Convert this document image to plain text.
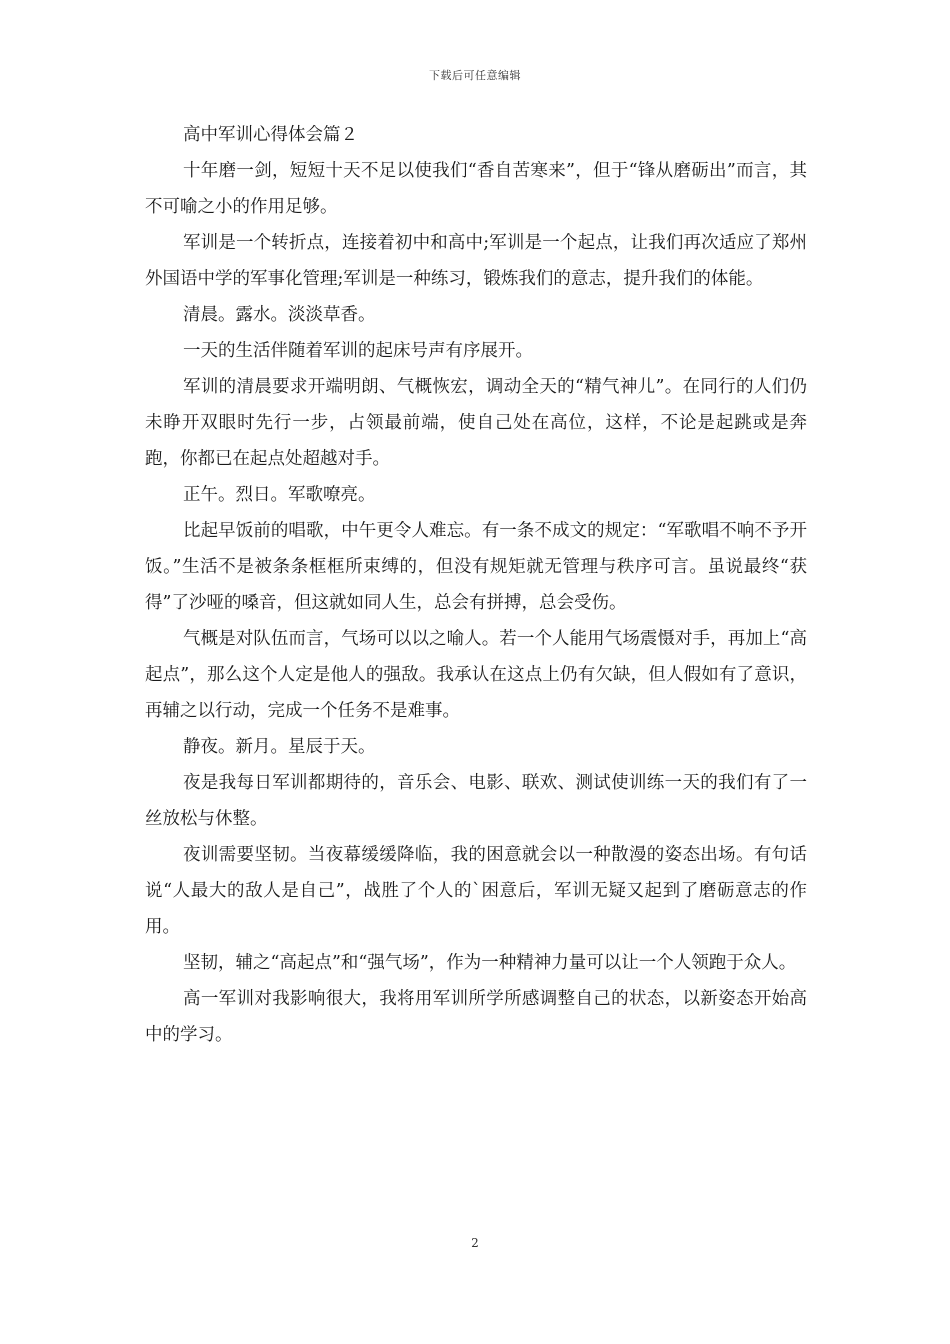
下载后可任意编辑
高中军训心得体会篇２

十年磨一剑，短短十天不足以使我们“香自苦寒来”，但于“锋从磨砺出”而言，其不可喻之小的作用足够。

军训是一个转折点，连接着初中和高中;军训是一个起点，让我们再次适应了郑州外国语中学的军事化管理;军训是一种练习，锻炼我们的意志，提升我们的体能。

清晨。露水。淡淡草香。

一天的生活伴随着军训的起床号声有序展开。

军训的清晨要求开端明朗、气概恢宏，调动全天的“精气神儿”。在同行的人们仍未睁开双眼时先行一步，占领最前端，使自己处在高位，这样，不论是起跳或是奔跑，你都已在起点处超越对手。

正午。烈日。军歌嘹亮。

比起早饭前的唱歌，中午更令人难忘。有一条不成文的规定：“军歌唱不响不予开饭。”生活不是被条条框框所束缚的，但没有规矩就无管理与秩序可言。虽说最终“获得”了沙哑的嗓音，但这就如同人生，总会有拼搏，总会受伤。

气概是对队伍而言，气场可以以之喻人。若一个人能用气场震慑对手，再加上“高起点”，那么这个人定是他人的强敌。我承认在这点上仍有欠缺，但人假如有了意识，再辅之以行动，完成一个任务不是难事。

静夜。新月。星辰于天。

夜是我每日军训都期待的，音乐会、电影、联欢、测试使训练一天的我们有了一丝放松与休整。

夜训需要坚韧。当夜幕缓缓降临，我的困意就会以一种散漫的姿态出场。有句话说“人最大的敌人是自己”，战胜了个人的`困意后，军训无疑又起到了磨砺意志的作用。

坚韧，辅之“高起点”和“强气场”，作为一种精神力量可以让一个人领跑于众人。

高一军训对我影响很大，我将用军训所学所感调整自己的状态，以新姿态开始高中的学习。

2
